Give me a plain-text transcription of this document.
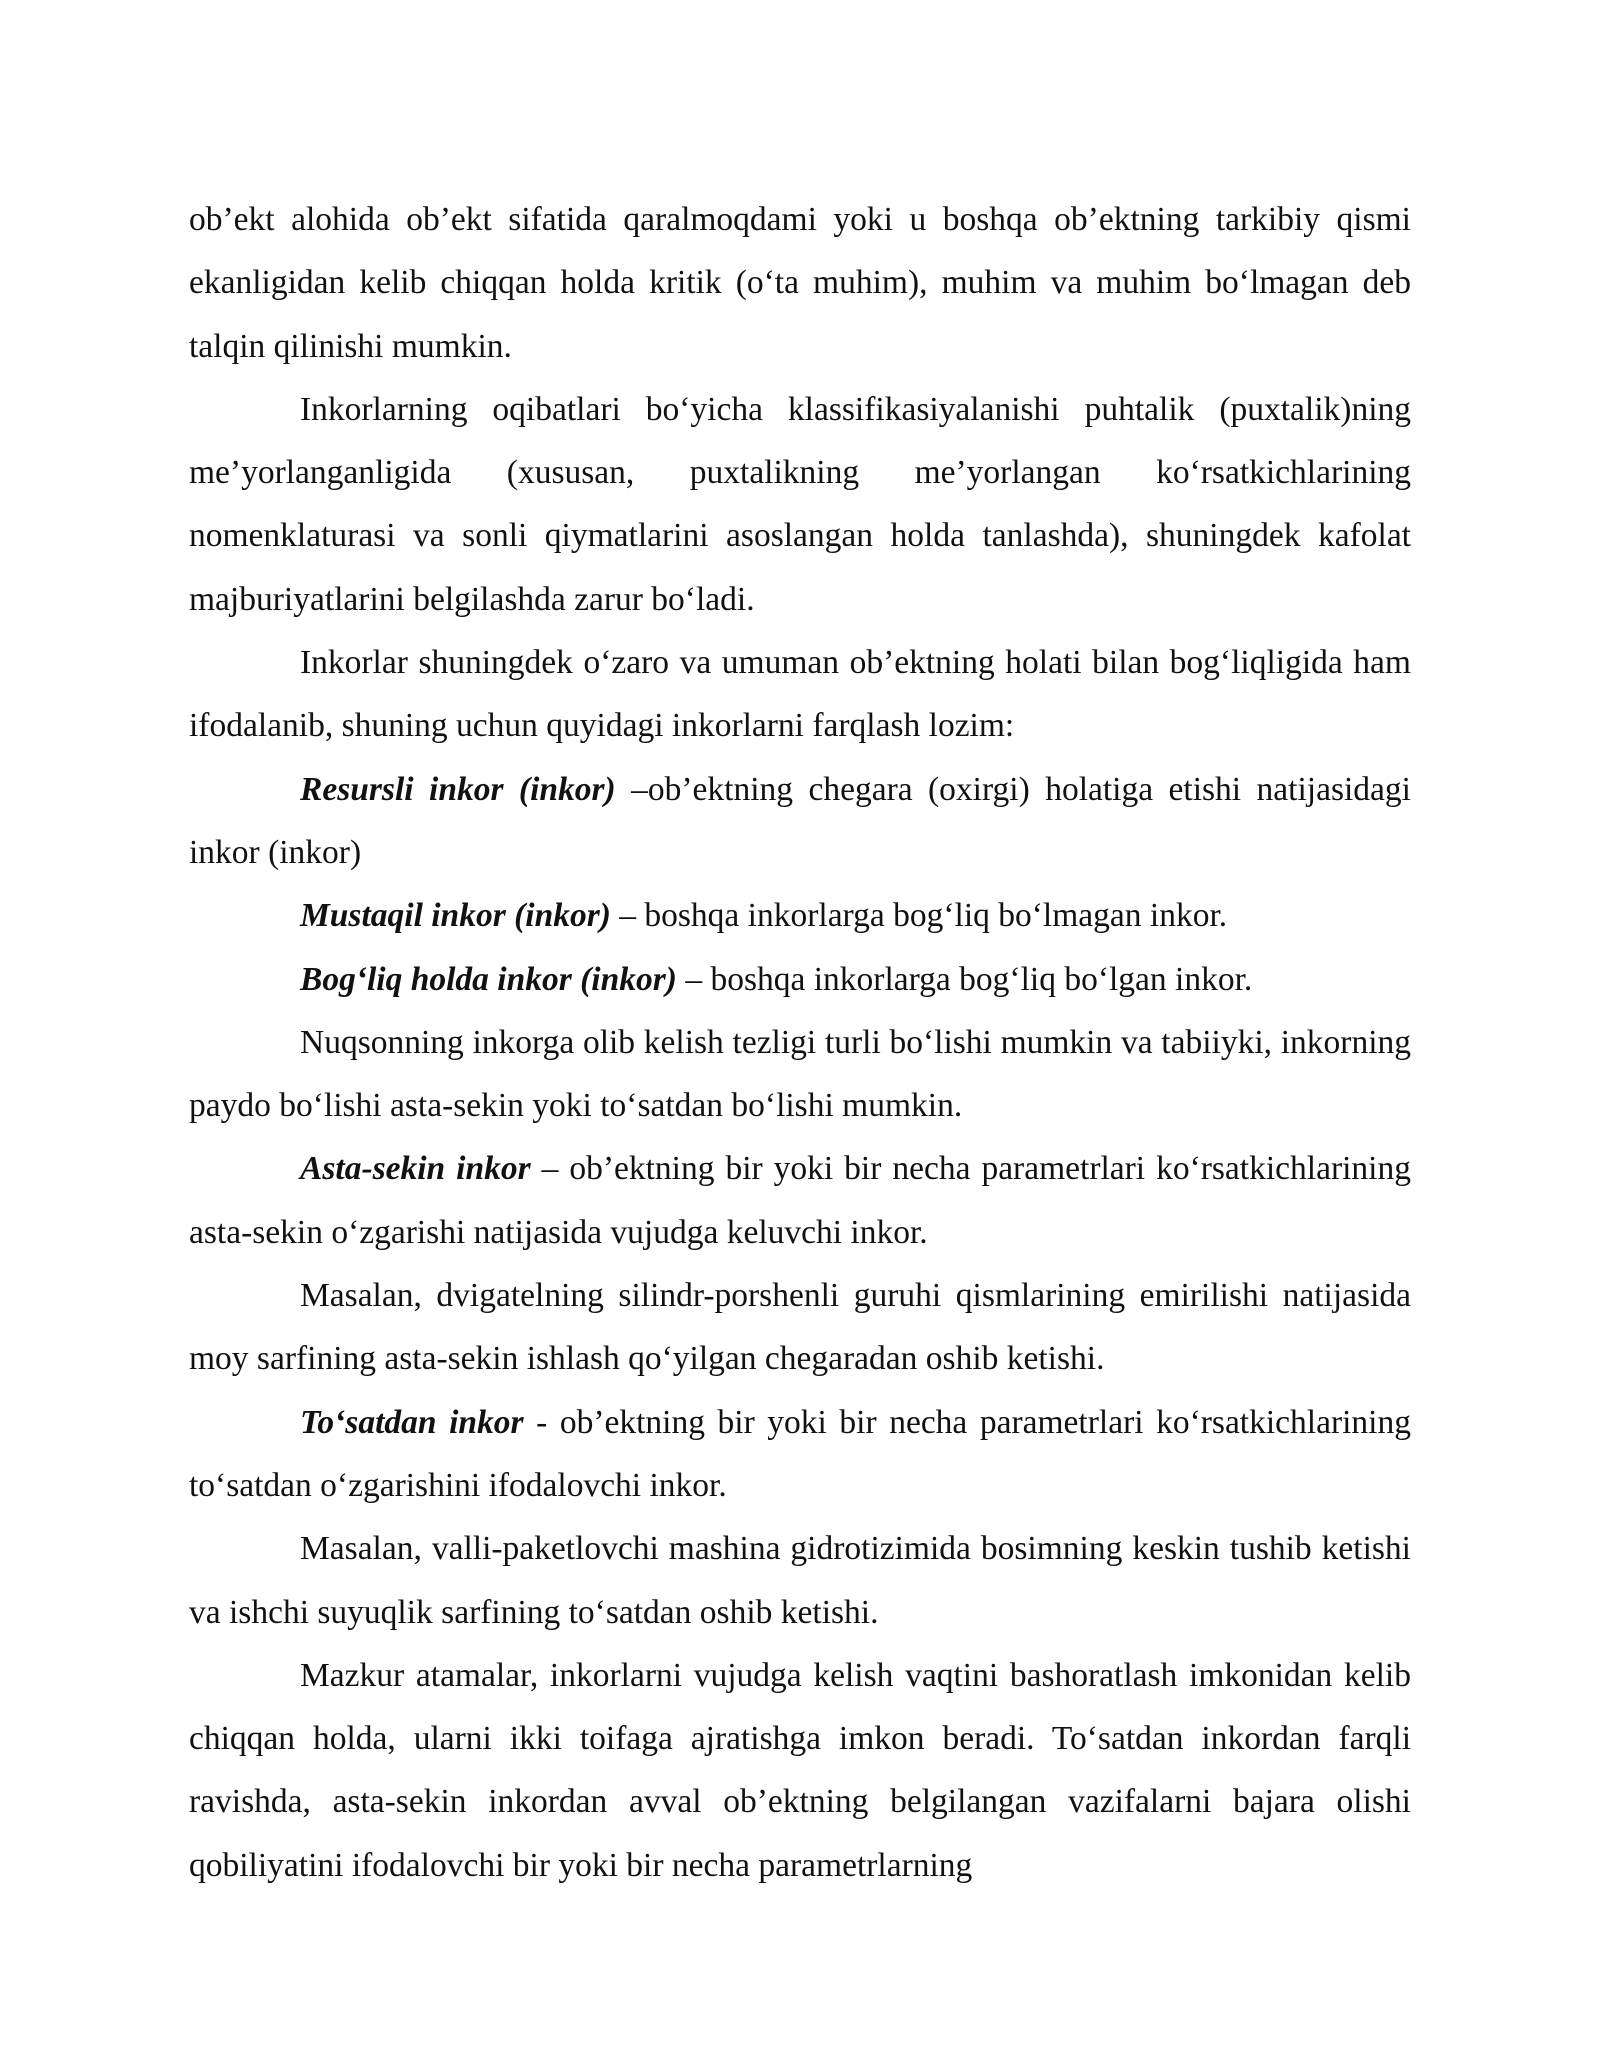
ob’ekt alohida ob’ekt sifatida qaralmoqdami yoki u boshqa ob’ektning tarkibiy qismi ekanligidan kelib chiqqan holda kritik (o‘ta muhim), muhim va muhim bo‘lmagan deb talqin qilinishi mumkin.

Inkorlarning oqibatlari bo‘yicha klassifikasiyalanishi puhtalik (puxtalik)ning me’yorlanganligida (xususan, puxtalikning me’yorlangan ko‘rsatkichlarining nomenklaturasi va sonli qiymatlarini asoslangan holda tanlashda), shuningdek kafolat majburiyatlarini belgilashda zarur bo‘ladi.

Inkorlar shuningdek o‘zaro va umuman ob’ektning holati bilan bog‘liqligida ham ifodalanib, shuning uchun quyidagi inkorlarni farqlash lozim:

Resursli inkor (inkor) –ob’ektning chegara (oxirgi) holatiga etishi natijasidagi inkor (inkor)

Mustaqil inkor (inkor) – boshqa inkorlarga bog‘liq bo‘lmagan inkor.

Bog‘liq holda inkor (inkor) – boshqa inkorlarga bog‘liq bo‘lgan inkor.

Nuqsonning inkorga olib kelish tezligi turli bo‘lishi mumkin va tabiiyki, inkorning paydo bo‘lishi asta-sekin yoki to‘satdan bo‘lishi mumkin.

Asta-sekin inkor – ob’ektning bir yoki bir necha parametrlari ko‘rsatkichlarining asta-sekin o‘zgarishi natijasida vujudga keluvchi inkor.

Masalan, dvigatelning silindr-porshenli guruhi qismlarining emirilishi natijasida moy sarfining asta-sekin ishlash qo‘yilgan chegaradan oshib ketishi.

To‘satdan inkor - ob’ektning bir yoki bir necha parametrlari ko‘rsatkichlarining to‘satdan o‘zgarishini ifodalovchi inkor.

Masalan, valli-paketlovchi mashina gidrotizimida bosimning keskin tushib ketishi va ishchi suyuqlik sarfining to‘satdan oshib ketishi.

Mazkur atamalar, inkorlarni vujudga kelish vaqtini bashoratlash imkonidan kelib chiqqan holda, ularni ikki toifaga ajratishga imkon beradi. To‘satdan inkordan farqli ravishda, asta-sekin inkordan avval ob’ektning belgilangan vazifalarni bajara olishi qobiliyatini ifodalovchi bir yoki bir necha parametrlarning
